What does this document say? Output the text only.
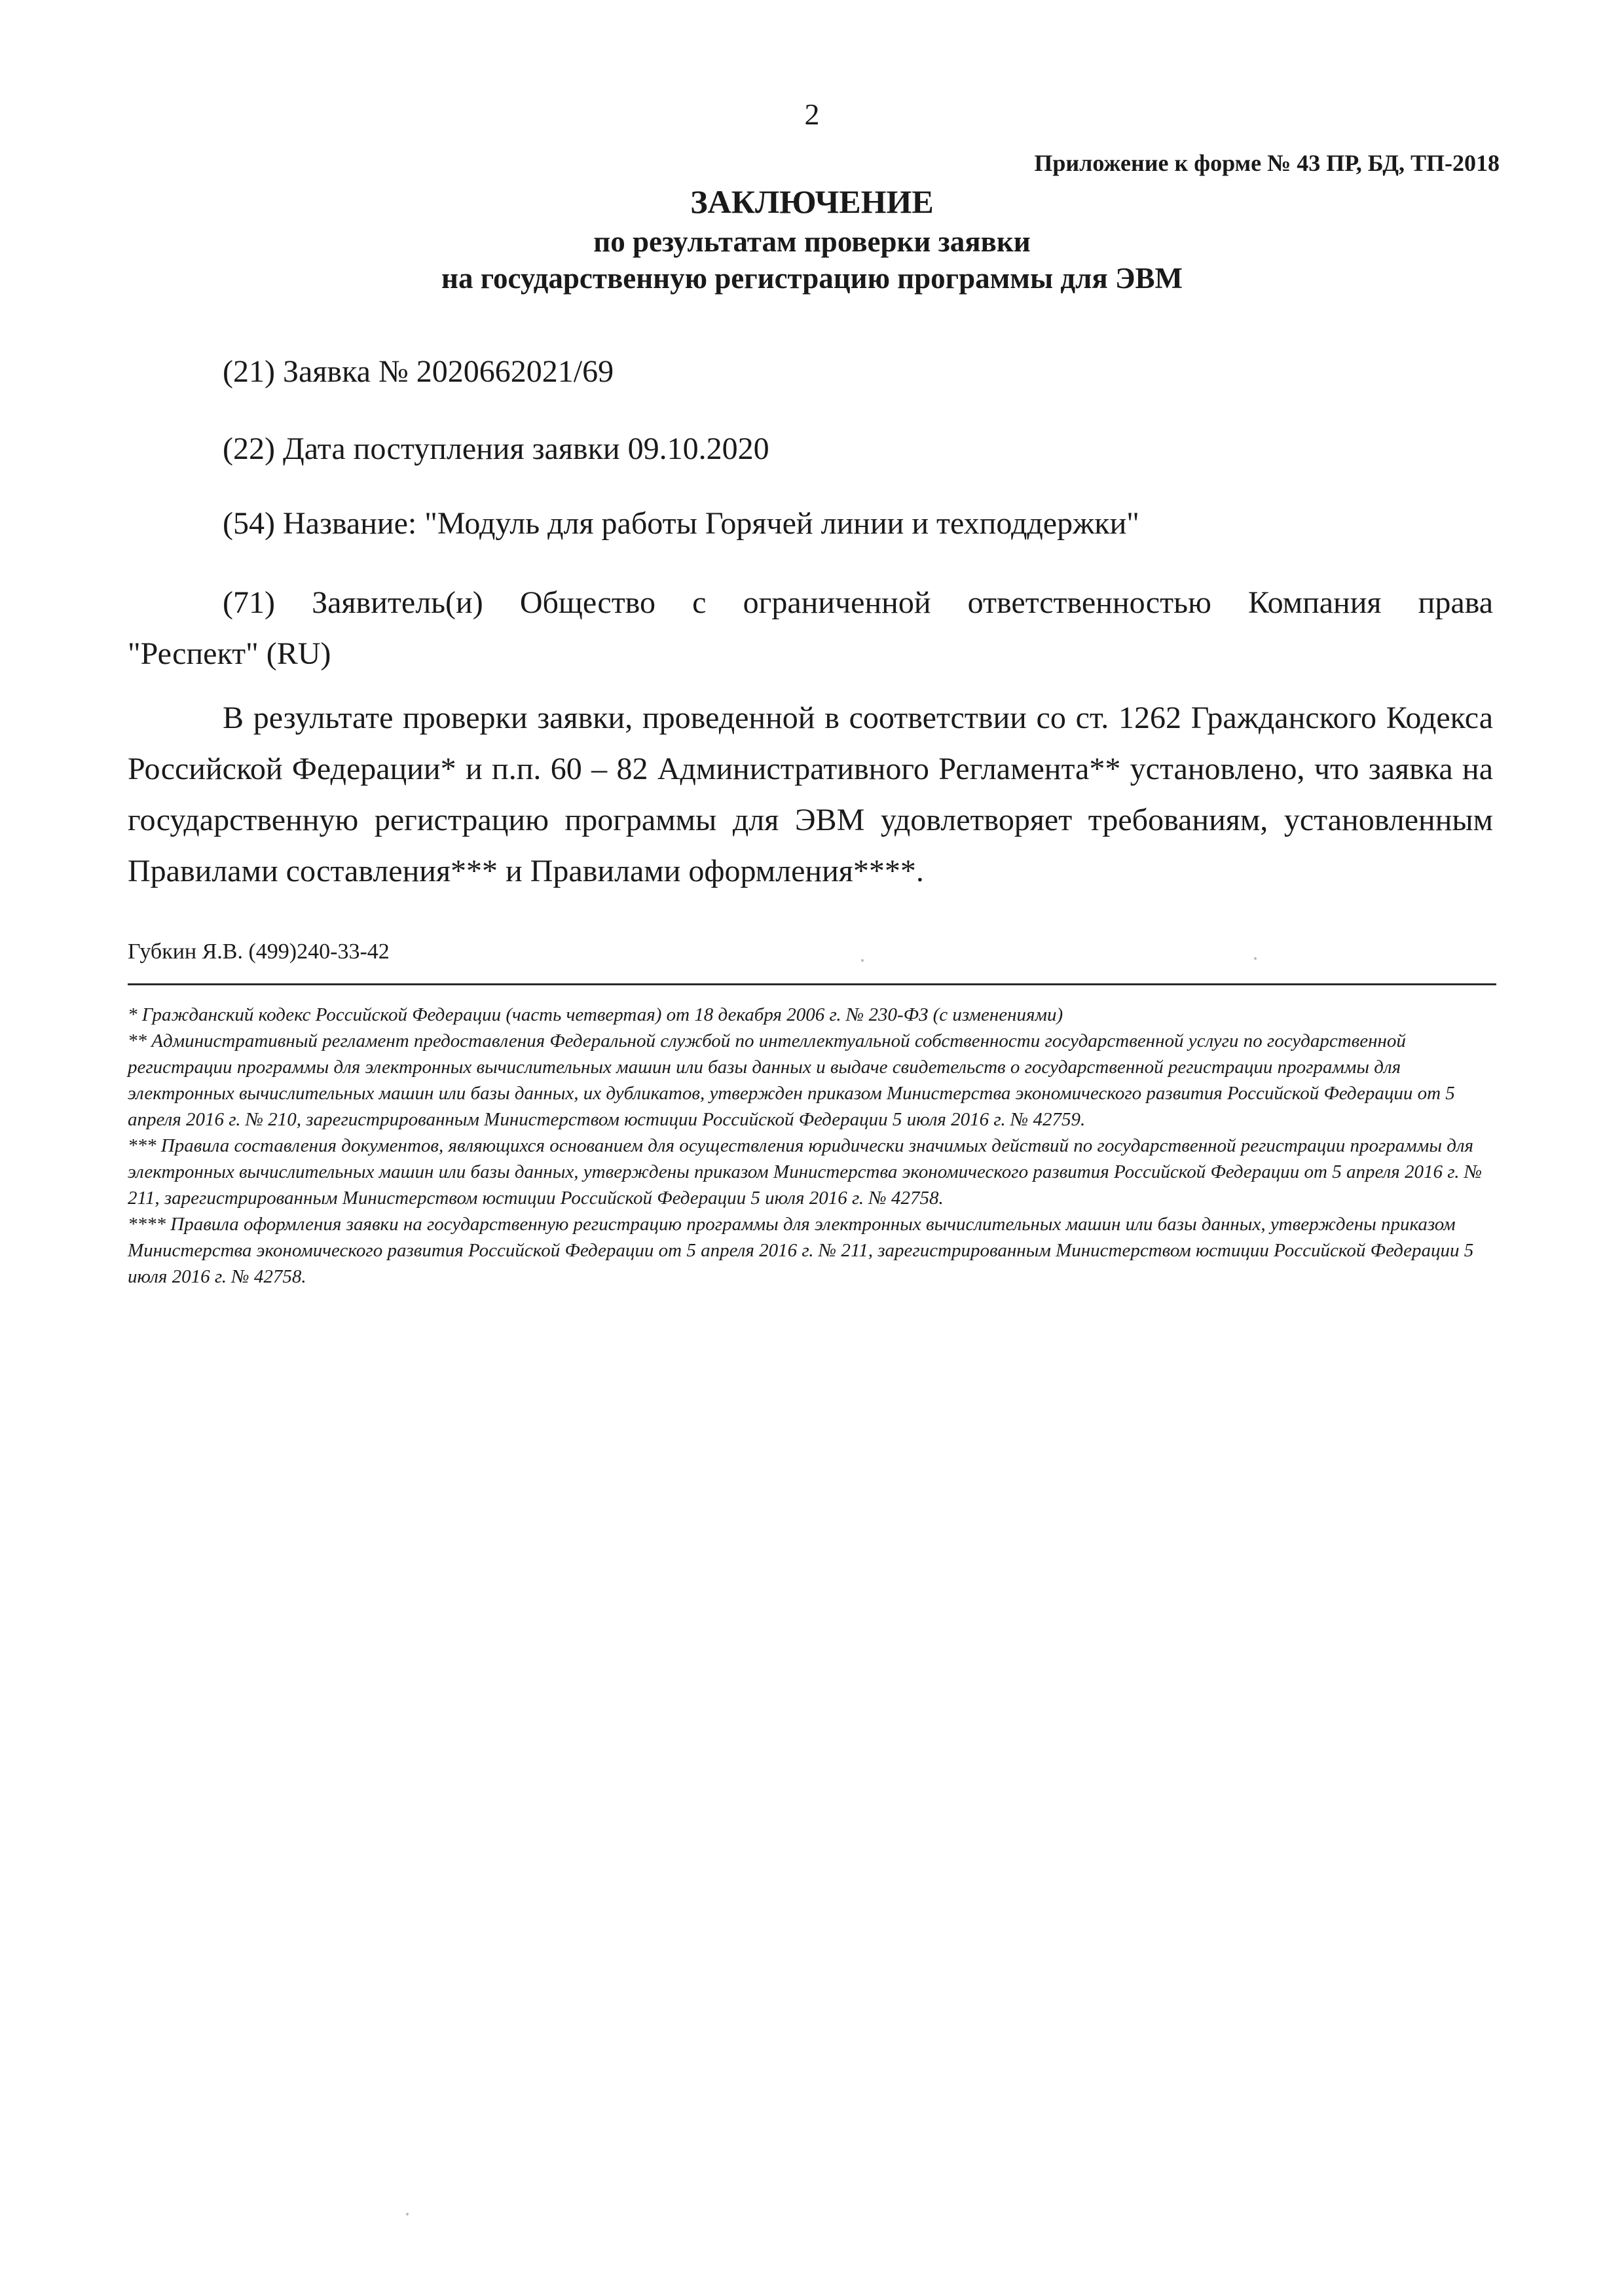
2
Приложение к форме № 43 ПР, БД, ТП-2018
ЗАКЛЮЧЕНИЕ
по результатам проверки заявки
на государственную регистрацию программы для ЭВМ
(21) Заявка № 2020662021/69
(22) Дата поступления заявки 09.10.2020
(54) Название: "Модуль для работы Горячей линии и техподдержки"
(71) Заявитель(и) Общество с ограниченной ответственностью Компания права
"Респект" (RU)

В результате проверки заявки, проведенной в соответствии со ст. 1262 Гражданского Кодекса Российской Федерации* и п.п. 60 – 82 Административного Регламента** установлено, что заявка на государственную регистрацию программы для ЭВМ удовлетворяет требованиям, установленным Правилами составления*** и Правилами оформления****.

Губкин Я.В. (499)240-33-42

* Гражданский кодекс Российской Федерации (часть четвертая) от 18 декабря 2006 г. № 230-ФЗ (с изменениями)

** Административный регламент предоставления Федеральной службой по интеллектуальной собственности государственной услуги по государственной регистрации программы для электронных вычислительных машин или базы данных и выдаче свидетельств о государственной регистрации программы для электронных вычислительных машин или базы данных, их дубликатов, утвержден приказом Министерства экономического развития Российской Федерации от 5 апреля 2016 г. № 210, зарегистрированным Министерством юстиции Российской Федерации 5 июля 2016 г. № 42759.

*** Правила составления документов, являющихся основанием для осуществления юридически значимых действий по государственной регистрации программы для электронных вычислительных машин или базы данных, утверждены приказом Министерства экономического развития Российской Федерации от 5 апреля 2016 г. № 211, зарегистрированным Министерством юстиции Российской Федерации 5 июля 2016 г. № 42758.

**** Правила оформления заявки на государственную регистрацию программы для электронных вычислительных машин или базы данных, утверждены приказом Министерства экономического развития Российской Федерации от 5 апреля 2016 г. № 211, зарегистрированным Министерством юстиции Российской Федерации 5 июля 2016 г. № 42758.
